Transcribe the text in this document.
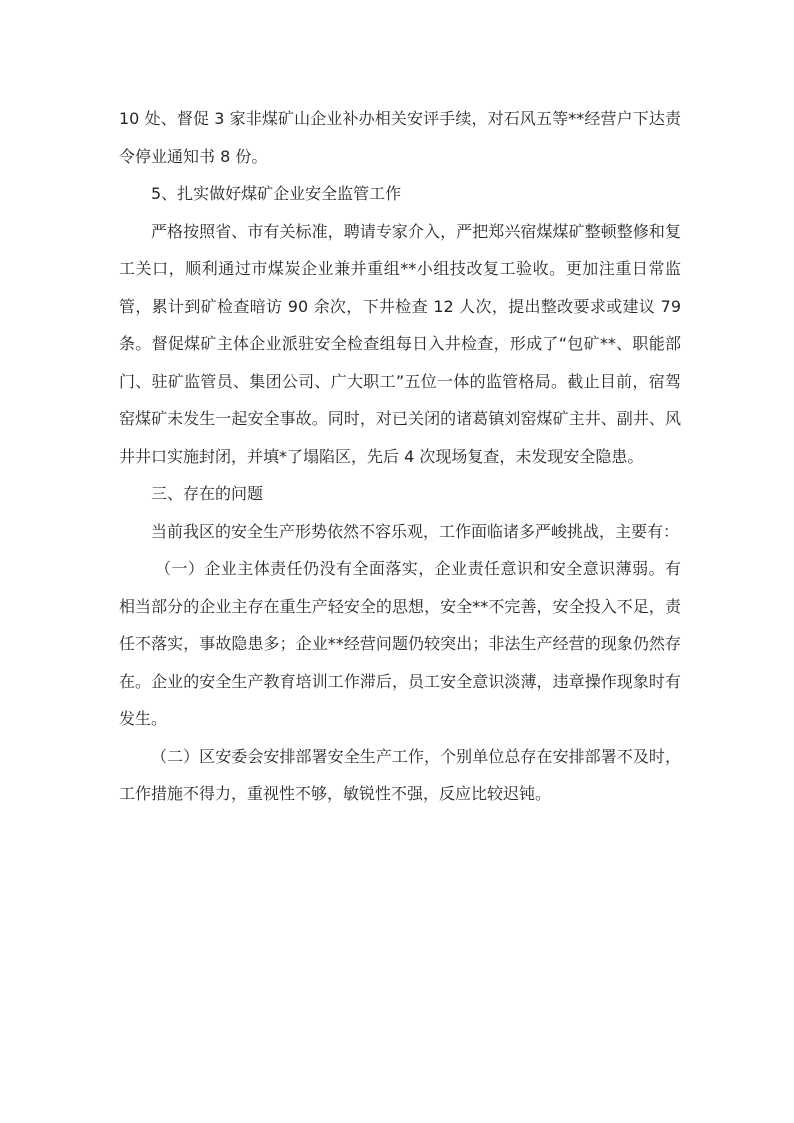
10 处、督促 3 家非煤矿山企业补办相关安评手续，对石风五等**经营户下达责令停业通知书 8 份。

5、扎实做好煤矿企业安全监管工作

严格按照省、市有关标准，聘请专家介入，严把郑兴宿煤煤矿整顿整修和复工关口，顺利通过市煤炭企业兼并重组**小组技改复工验收。更加注重日常监管，累计到矿检查暗访 90 余次，下井检查 12 人次，提出整改要求或建议 79 条。督促煤矿主体企业派驻安全检查组每日入井检查，形成了“包矿**、职能部门、驻矿监管员、集团公司、广大职工”五位一体的监管格局。截止目前，宿驾窑煤矿未发生一起安全事故。同时，对已关闭的诸葛镇刘窑煤矿主井、副井、风井井口实施封闭，并填*了塌陷区，先后 4 次现场复查，未发现安全隐患。

三、存在的问题

当前我区的安全生产形势依然不容乐观，工作面临诸多严峻挑战，主要有：

（一）企业主体责任仍没有全面落实，企业责任意识和安全意识薄弱。有相当部分的企业主存在重生产轻安全的思想，安全**不完善，安全投入不足，责任不落实，事故隐患多；企业**经营问题仍较突出；非法生产经营的现象仍然存在。企业的安全生产教育培训工作滞后，员工安全意识淡薄，违章操作现象时有发生。

（二）区安委会安排部署安全生产工作，个别单位总存在安排部署不及时，工作措施不得力，重视性不够，敏锐性不强，反应比较迟钝。
